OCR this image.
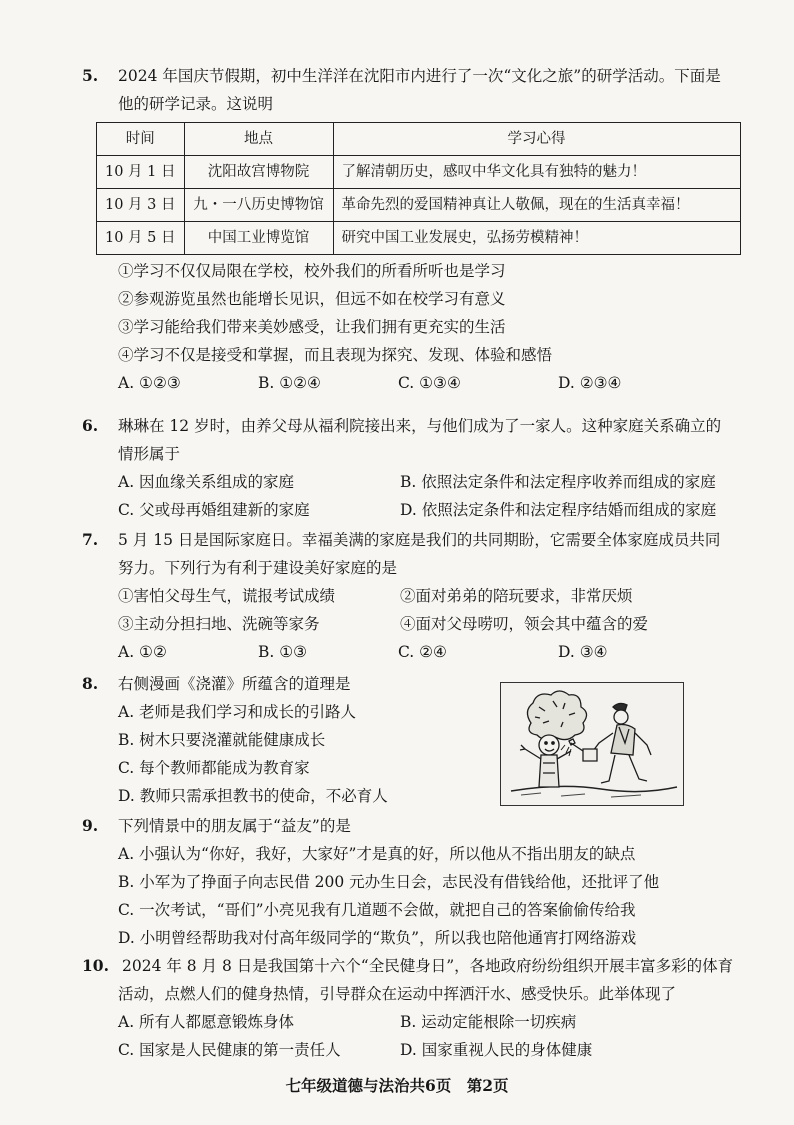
5.	2024 年国庆节假期，初中生洋洋在沈阳市内进行了一次“文化之旅”的研学活动。下面是
他的研学记录。这说明
时间	地点	学习心得
10 月 1 日	沈阳故宫博物院	了解清朝历史，感叹中华文化具有独特的魅力！
10 月 3 日	九・一八历史博物馆	革命先烈的爱国精神真让人敬佩，现在的生活真幸福！
10 月 5 日	中国工业博览馆	研究中国工业发展史，弘扬劳模精神！
①学习不仅仅局限在学校，校外我们的所看所听也是学习
②参观游览虽然也能增长见识，但远不如在校学习有意义
③学习能给我们带来美妙感受，让我们拥有更充实的生活
④学习不仅是接受和掌握，而且表现为探究、发现、体验和感悟
A. ①②③	B. ①②④	C. ①③④	D. ②③④
6.	琳琳在 12 岁时，由养父母从福利院接出来，与他们成为了一家人。这种家庭关系确立的
情形属于
A. 因血缘关系组成的家庭	B. 依照法定条件和法定程序收养而组成的家庭
C. 父或母再婚组建新的家庭	D. 依照法定条件和法定程序结婚而组成的家庭
7.	5 月 15 日是国际家庭日。幸福美满的家庭是我们的共同期盼，它需要全体家庭成员共同
努力。下列行为有利于建设美好家庭的是
①害怕父母生气，谎报考试成绩	②面对弟弟的陪玩要求，非常厌烦
③主动分担扫地、洗碗等家务	④面对父母唠叨，领会其中蕴含的爱
A. ①②	B. ①③	C. ②④	D. ③④
8.	右侧漫画《浇灌》所蕴含的道理是
A. 老师是我们学习和成长的引路人
B. 树木只要浇灌就能健康成长
C. 每个教师都能成为教育家
D. 教师只需承担教书的使命，不必育人
9.	下列情景中的朋友属于“益友”的是
A. 小强认为“你好，我好，大家好”才是真的好，所以他从不指出朋友的缺点
B. 小军为了挣面子向志民借 200 元办生日会，志民没有借钱给他，还批评了他
C. 一次考试，“哥们”小亮见我有几道题不会做，就把自己的答案偷偷传给我
D. 小明曾经帮助我对付高年级同学的“欺负”，所以我也陪他通宵打网络游戏
10. 2024 年 8 月 8 日是我国第十六个“全民健身日”，各地政府纷纷组织开展丰富多彩的体育
活动，点燃人们的健身热情，引导群众在运动中挥洒汗水、感受快乐。此举体现了
A. 所有人都愿意锻炼身体	B. 运动定能根除一切疾病
C. 国家是人民健康的第一责任人	D. 国家重视人民的身体健康
七年级道德与法治共6页　第2页
